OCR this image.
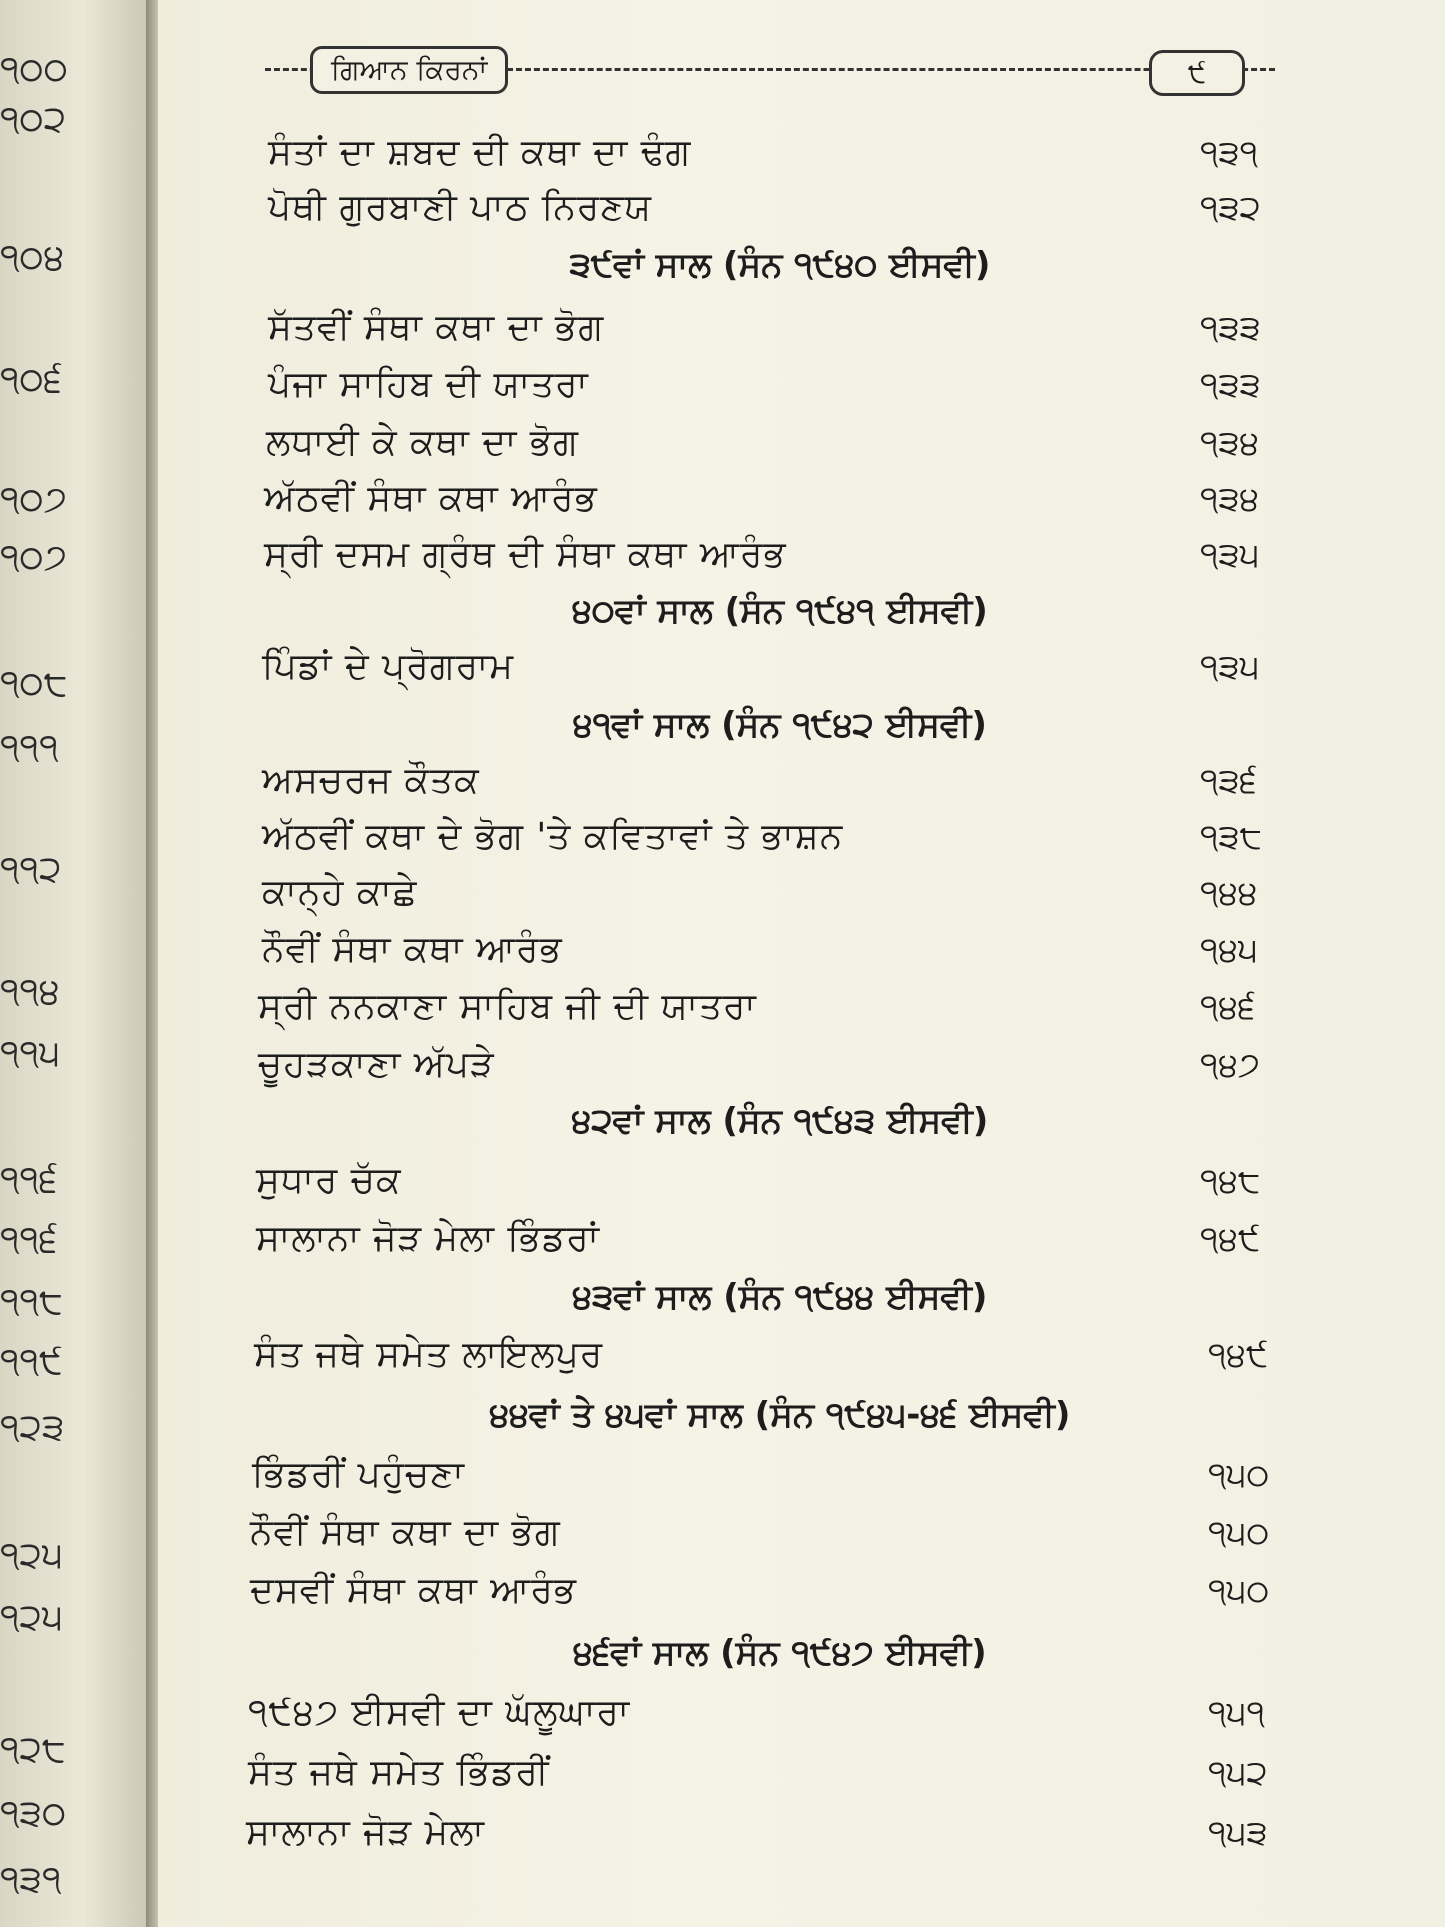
੧੦੦
੧੦੨
੧੦੪
੧੦੬
੧੦੭
੧੦੭
੧੦੮
੧੧੧
੧੧੨
੧੧੪
੧੧੫
੧੧੬
੧੧੬
੧੧੮
੧੧੯
੧੨੩
੧੨੫
੧੨੫
੧੨੮
੧੩੦
੧੩੧
ਗਿਆਨ ਕਿਰਨਾਂ	੯
ਸੰਤਾਂ ਦਾ ਸ਼ਬਦ ਦੀ ਕਥਾ ਦਾ ਢੰਗ	੧੩੧
ਪੋਥੀ ਗੁਰਬਾਣੀ ਪਾਠ ਨਿਰਣਯ	੧੩੨
੩੯ਵਾਂ ਸਾਲ (ਸੰਨ ੧੯੪੦ ਈਸਵੀ)
ਸੱਤਵੀਂ ਸੰਥਾ ਕਥਾ ਦਾ ਭੋਗ	੧੩੩
ਪੰਜਾ ਸਾਹਿਬ ਦੀ ਯਾਤਰਾ	੧੩੩
ਲਧਾਈ ਕੇ ਕਥਾ ਦਾ ਭੋਗ	੧੩੪
ਅੱਠਵੀਂ ਸੰਥਾ ਕਥਾ ਆਰੰਭ	੧੩੪
ਸ੍ਰੀ ਦਸਮ ਗ੍ਰੰਥ ਦੀ ਸੰਥਾ ਕਥਾ ਆਰੰਭ	੧੩੫
੪੦ਵਾਂ ਸਾਲ (ਸੰਨ ੧੯੪੧ ਈਸਵੀ)
ਪਿੰਡਾਂ ਦੇ ਪ੍ਰੋਗਰਾਮ	੧੩੫
੪੧ਵਾਂ ਸਾਲ (ਸੰਨ ੧੯੪੨ ਈਸਵੀ)
ਅਸਚਰਜ ਕੌਤਕ	੧੩੬
ਅੱਠਵੀਂ ਕਥਾ ਦੇ ਭੋਗ 'ਤੇ ਕਵਿਤਾਵਾਂ ਤੇ ਭਾਸ਼ਨ	੧੩੮
ਕਾਨ੍ਹੇ ਕਾਛੇ	੧੪੪
ਨੌਵੀਂ ਸੰਥਾ ਕਥਾ ਆਰੰਭ	੧੪੫
ਸ੍ਰੀ ਨਨਕਾਣਾ ਸਾਹਿਬ ਜੀ ਦੀ ਯਾਤਰਾ	੧੪੬
ਚੂਹੜਕਾਣਾ ਅੱਪੜੇ	੧੪੭
੪੨ਵਾਂ ਸਾਲ (ਸੰਨ ੧੯੪੩ ਈਸਵੀ)
ਸੁਧਾਰ ਚੱਕ	੧੪੮
ਸਾਲਾਨਾ ਜੋੜ ਮੇਲਾ ਭਿੰਡਰਾਂ	੧੪੯
੪੩ਵਾਂ ਸਾਲ (ਸੰਨ ੧੯੪੪ ਈਸਵੀ)
ਸੰਤ ਜਥੇ ਸਮੇਤ ਲਾਇਲਪੁਰ	੧੪੯
੪੪ਵਾਂ ਤੇ ੪੫ਵਾਂ ਸਾਲ (ਸੰਨ ੧੯੪੫-੪੬ ਈਸਵੀ)
ਭਿੰਡਰੀਂ ਪਹੁੰਚਣਾ	੧੫੦
ਨੌਵੀਂ ਸੰਥਾ ਕਥਾ ਦਾ ਭੋਗ	੧੫੦
ਦਸਵੀਂ ਸੰਥਾ ਕਥਾ ਆਰੰਭ	੧੫੦
੪੬ਵਾਂ ਸਾਲ (ਸੰਨ ੧੯੪੭ ਈਸਵੀ)
੧੯੪੭ ਈਸਵੀ ਦਾ ਘੱਲੂਘਾਰਾ	੧੫੧
ਸੰਤ ਜਥੇ ਸਮੇਤ ਭਿੰਡਰੀਂ	੧੫੨
ਸਾਲਾਨਾ ਜੋੜ ਮੇਲਾ	੧੫੩
